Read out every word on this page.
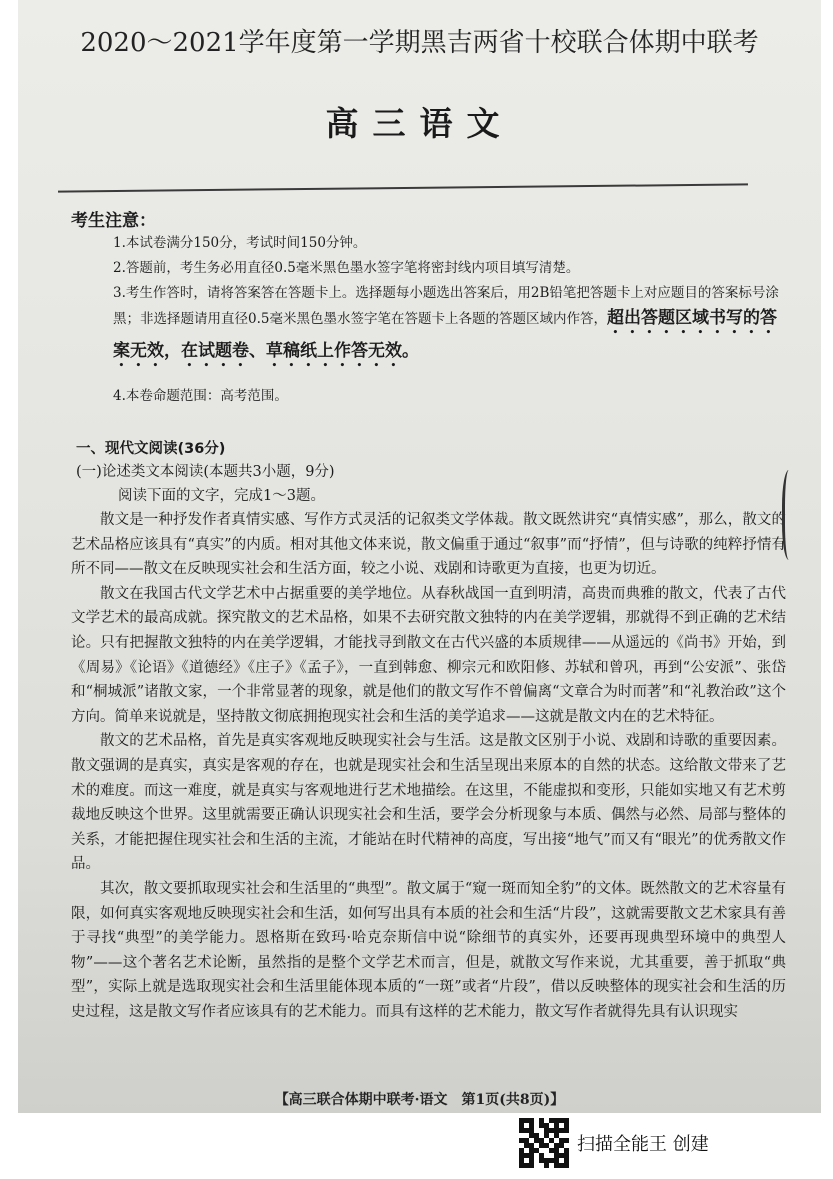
2020～2021学年度第一学期黑吉两省十校联合体期中联考
高三语文
考生注意：
1.本试卷满分150分，考试时间150分钟。
2.答题前，考生务必用直径0.5毫米黑色墨水签字笔将密封线内项目填写清楚。
3.考生作答时，请将答案答在答题卡上。选择题每小题选出答案后，用2B铅笔把答题卡上对应题目的答案标号涂黑；非选择题请用直径0.5毫米黑色墨水签字笔在答题卡上各题的答题区域内作答，超出答题区域书写的答案无效，在试题卷、草稿纸上作答无效。
4.本卷命题范围：高考范围。
一、现代文阅读(36分)
(一)论述类文本阅读(本题共3小题，9分)
阅读下面的文字，完成1～3题。

散文是一种抒发作者真情实感、写作方式灵活的记叙类文学体裁。散文既然讲究“真情实感”，那么，散文的艺术品格应该具有“真实”的内质。相对其他文体来说，散文偏重于通过“叙事”而“抒情”，但与诗歌的纯粹抒情有所不同——散文在反映现实社会和生活方面，较之小说、戏剧和诗歌更为直接，也更为切近。

散文在我国古代文学艺术中占据重要的美学地位。从春秋战国一直到明清，高贵而典雅的散文，代表了古代文学艺术的最高成就。探究散文的艺术品格，如果不去研究散文独特的内在美学逻辑，那就得不到正确的艺术结论。只有把握散文独特的内在美学逻辑，才能找寻到散文在古代兴盛的本质规律——从遥远的《尚书》开始，到《周易》《论语》《道德经》《庄子》《孟子》，一直到韩愈、柳宗元和欧阳修、苏轼和曾巩，再到“公安派”、张岱和“桐城派”诸散文家，一个非常显著的现象，就是他们的散文写作不曾偏离“文章合为时而著”和“礼教治政”这个方向。简单来说就是，坚持散文彻底拥抱现实社会和生活的美学追求——这就是散文内在的艺术特征。

散文的艺术品格，首先是真实客观地反映现实社会与生活。这是散文区别于小说、戏剧和诗歌的重要因素。散文强调的是真实，真实是客观的存在，也就是现实社会和生活呈现出来原本的自然的状态。这给散文带来了艺术的难度。而这一难度，就是真实与客观地进行艺术地描绘。在这里，不能虚拟和变形，只能如实地又有艺术剪裁地反映这个世界。这里就需要正确认识现实社会和生活，要学会分析现象与本质、偶然与必然、局部与整体的关系，才能把握住现实社会和生活的主流，才能站在时代精神的高度，写出接“地气”而又有“眼光”的优秀散文作品。

其次，散文要抓取现实社会和生活里的“典型”。散文属于“窥一斑而知全豹”的文体。既然散文的艺术容量有限，如何真实客观地反映现实社会和生活，如何写出具有本质的社会和生活“片段”，这就需要散文艺术家具有善于寻找“典型”的美学能力。恩格斯在致玛·哈克奈斯信中说“除细节的真实外，还要再现典型环境中的典型人物”——这个著名艺术论断，虽然指的是整个文学艺术而言，但是，就散文写作来说，尤其重要，善于抓取“典型”，实际上就是选取现实社会和生活里能体现本质的“一斑”或者“片段”，借以反映整体的现实社会和生活的历史过程，这是散文写作者应该具有的艺术能力。而具有这样的艺术能力，散文写作者就得先具有认识现实

【高三联合体期中联考·语文　第1页(共8页)】
扫描全能王 创建
